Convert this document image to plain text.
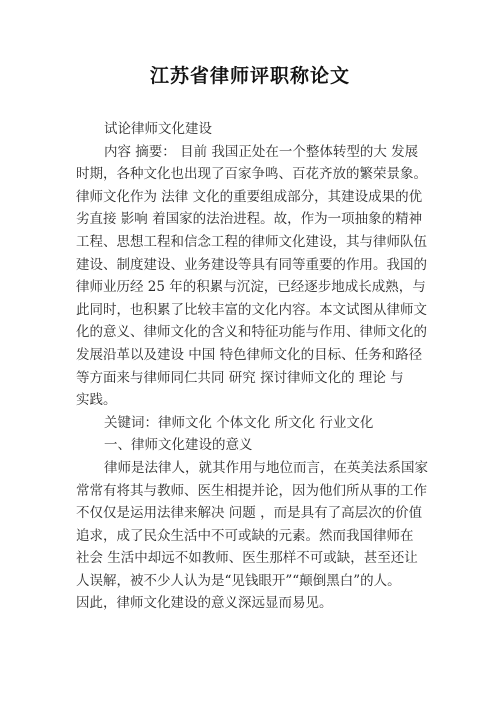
江苏省律师评职称论文
试论律师文化建设
内容 摘要： 目前 我国正处在一个整体转型的大 发展
时期，各种文化也出现了百家争鸣、百花齐放的繁荣景象。
律师文化作为 法律 文化的重要组成部分，其建设成果的优
劣直接 影响 着国家的法治进程。故，作为一项抽象的精神
工程、思想工程和信念工程的律师文化建设，其与律师队伍
建设、制度建设、业务建设等具有同等重要的作用。我国的
律师业历经 25 年的积累与沉淀，已经逐步地成长成熟，与
此同时，也积累了比较丰富的文化内容。本文试图从律师文
化的意义、律师文化的含义和特征功能与作用、律师文化的
发展沿革以及建设 中国 特色律师文化的目标、任务和路径
等方面来与律师同仁共同 研究 探讨律师文化的 理论 与
实践。
关键词：律师文化 个体文化 所文化 行业文化
一、律师文化建设的意义
律师是法律人，就其作用与地位而言，在英美法系国家
常常有将其与教师、医生相提并论，因为他们所从事的工作
不仅仅是运用法律来解决 问题 ，而是具有了高层次的价值
追求，成了民众生活中不可或缺的元素。然而我国律师在
社会 生活中却远不如教师、医生那样不可或缺，甚至还让
人误解，被不少人认为是“见钱眼开”“颠倒黑白”的人。
因此，律师文化建设的意义深远显而易见。
